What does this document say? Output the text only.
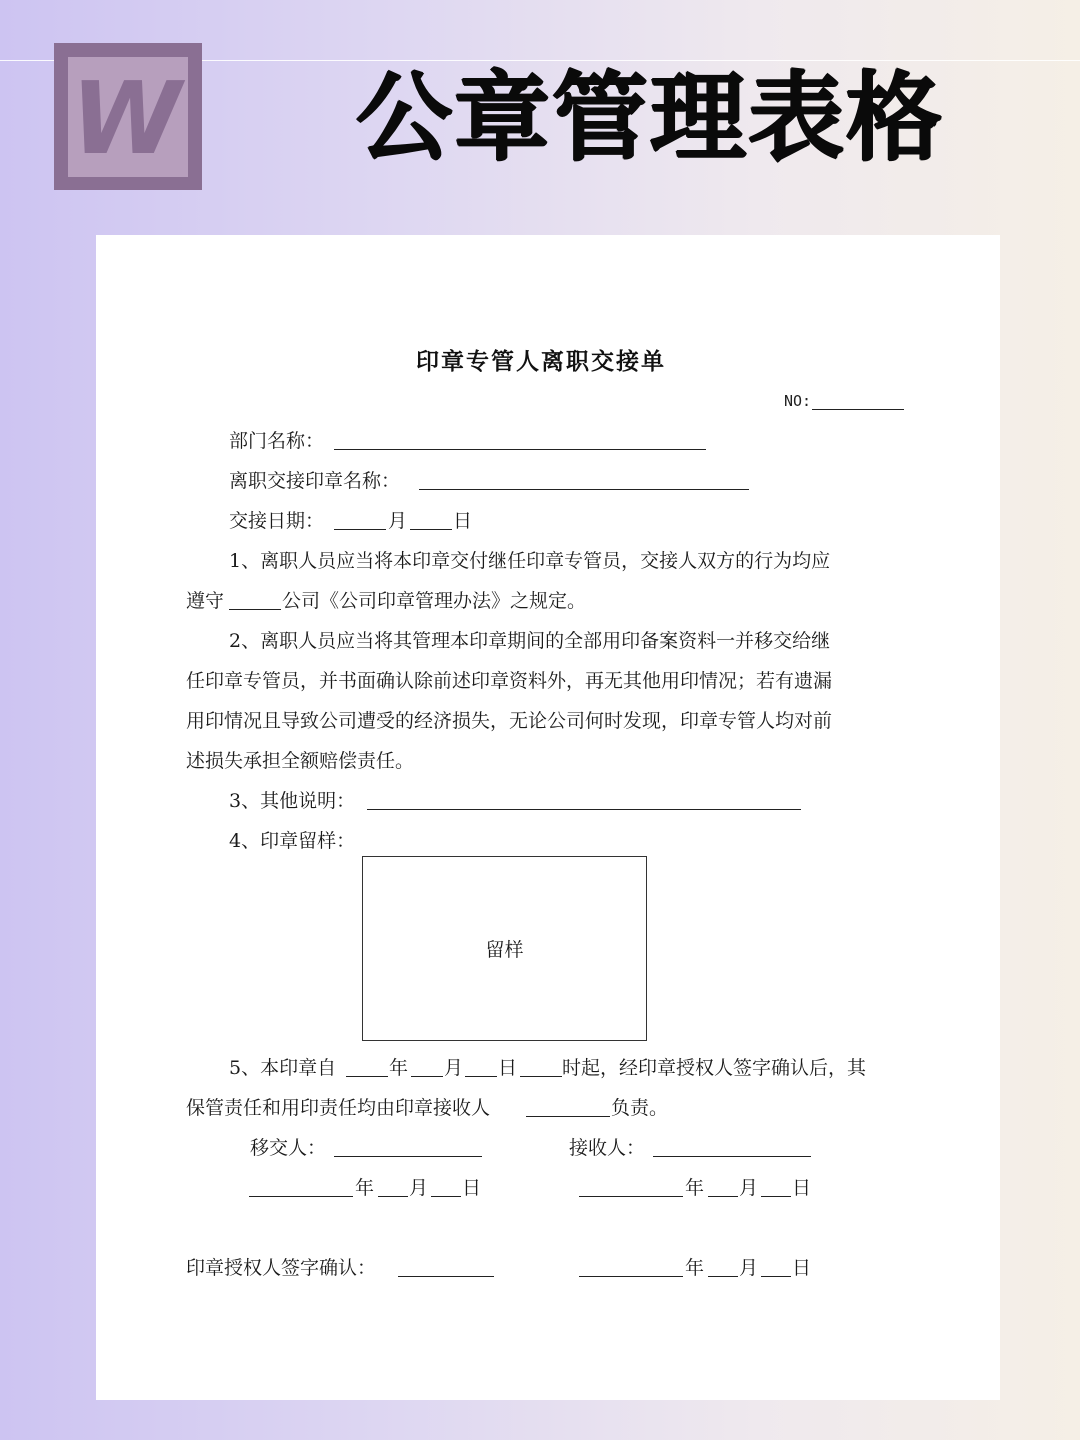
W 公章管理表格
印章专管人离职交接单
NO:
部门名称：
离职交接印章名称：
交接日期：	月 日
1、离职人员应当将本印章交付继任印章专管员，交接人双方的行为均应
遵守	公司《公司印章管理办法》之规定。
2、离职人员应当将其管理本印章期间的全部用印备案资料一并移交给继
任印章专管员，并书面确认除前述印章资料外，再无其他用印情况；若有遗漏
用印情况且导致公司遭受的经济损失，无论公司何时发现，印章专管人均对前
述损失承担全额赔偿责任。
3、其他说明：
4、印章留样：
留样
5、本印章自	年 月 日 时起，经印章授权人签字确认后，其
保管责任和用印责任均由印章接收人	负责。
移交人：	接收人：
年 月 日	年 月 日
印章授权人签字确认：	年 月 日
